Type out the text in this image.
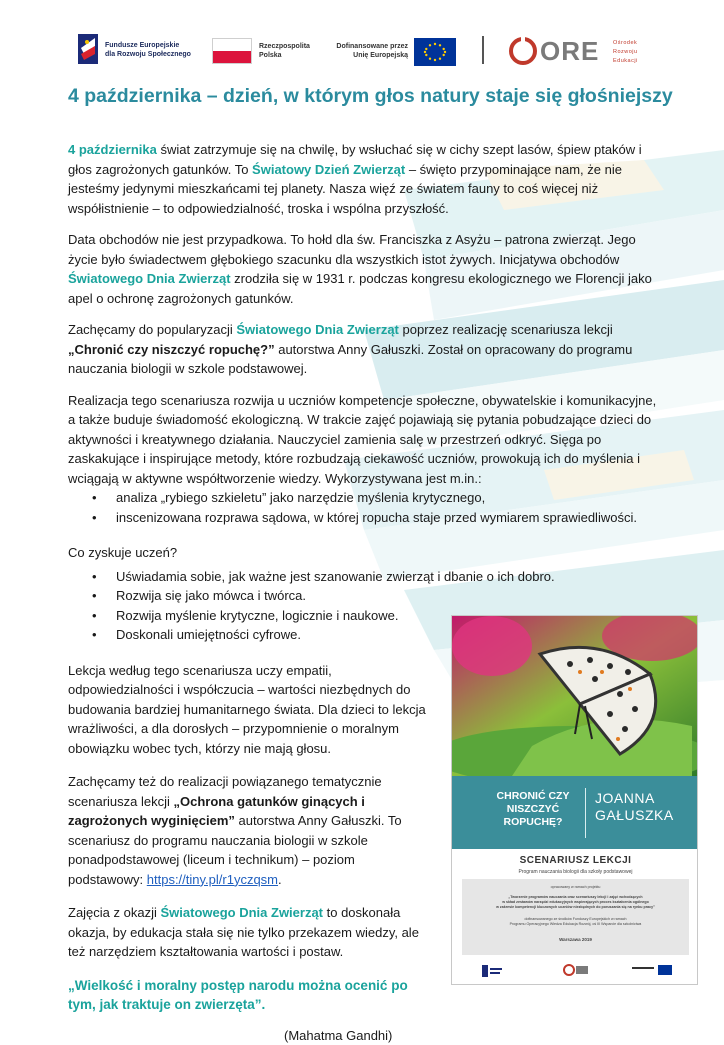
Fundusze Europejskie
dla Rozwoju Społecznego
Rzeczpospolita
Polska
Dofinansowane przez
Unię Europejską	ORE Ośrodek
Rozwoju
Edukacji
4 października – dzień, w którym głos natury staje się głośniejszy

4 października świat zatrzymuje się na chwilę, by wsłuchać się w cichy szept lasów, śpiew ptaków i głos zagrożonych gatunków. To Światowy Dzień Zwierząt – święto przypominające nam, że nie jesteśmy jedynymi mieszkańcami tej planety. Nasza więź ze światem fauny to coś więcej niż współistnienie – to odpowiedzialność, troska i wspólna przyszłość.

Data obchodów nie jest przypadkowa. To hołd dla św. Franciszka z Asyżu – patrona zwierząt. Jego życie było świadectwem głębokiego szacunku dla wszystkich istot żywych. Inicjatywa obchodów Światowego Dnia Zwierząt zrodziła się w 1931 r. podczas kongresu ekologicznego we Florencji jako apel o ochronę zagrożonych gatunków.

Zachęcamy do popularyzacji Światowego Dnia Zwierząt poprzez realizację scenariusza lekcji „Chronić czy niszczyć ropuchę?” autorstwa Anny Gałuszki. Został on opracowany do programu nauczania biologii w szkole podstawowej.

Realizacja tego scenariusza rozwija u uczniów kompetencje społeczne, obywatelskie i komunikacyjne, a także buduje świadomość ekologiczną. W trakcie zajęć pojawiają się pytania pobudzające dzieci do aktywności i kreatywnego działania. Nauczyciel zamienia salę w przestrzeń odkryć. Sięga po zaskakujące i inspirujące metody, które rozbudzają ciekawość uczniów, prowokują ich do myślenia i wciągają w aktywne współtworzenie wiedzy. Wykorzystywana jest m.in.:

• analiza „rybiego szkieletu” jako narzędzie myślenia krytycznego,
• inscenizowana rozprawa sądowa, w której ropucha staje przed wymiarem sprawiedliwości.

Co zyskuje uczeń?

• Uświadamia sobie, jak ważne jest szanowanie zwierząt i dbanie o ich dobro.
• Rozwija się jako mówca i twórca.
• Rozwija myślenie krytyczne, logicznie i naukowe.
• Doskonali umiejętności cyfrowe.

Lekcja według tego scenariusza uczy empatii, odpowiedzialności i współczucia – wartości niezbędnych do budowania bardziej humanitarnego świata. Dla dzieci to lekcja wrażliwości, a dla dorosłych – przypomnienie o moralnym obowiązku wobec tych, którzy nie mają głosu.

Zachęcamy też do realizacji powiązanego tematycznie scenariusza lekcji „Ochrona gatunków ginących i zagrożonych wyginięciem” autorstwa Anny Gałuszki. To scenariusz do programu nauczania biologii w szkole ponadpodstawowej (liceum i technikum) – poziom podstawowy: https://tiny.pl/r1yczqsm.

Zajęcia z okazji Światowego Dnia Zwierząt to doskonała okazja, by edukacja stała się nie tylko przekazem wiedzy, ale też narzędziem kształtowania wartości i postaw.

„Wielkość i moralny postęp narodu można ocenić po tym, jak traktuje on zwierzęta”.

(Mahatma Gandhi)
CHRONIĆ CZY NISZCZYĆ ROPUCHĘ?
JOANNA
GAŁUSZKA
SCENARIUSZ LEKCJI
Program nauczania biologii dla szkoły podstawowej
opracowany w ramach projektu
„Tworzenie programów nauczania oraz scenariuszy lekcji i zajęć wchodzących
w skład zestawów narzędzi edukacyjnych wspierających proces kształcenia ogólnego
w zakresie kompetencji kluczowych uczniów niezbędnych do poruszania się na rynku pracy”
dofinansowanego ze środków Funduszy Europejskich w ramach
Programu Operacyjnego Wiedza Edukacja Rozwój, oś III Wsparcie dla szkolnictwa
Warszawa 2019
